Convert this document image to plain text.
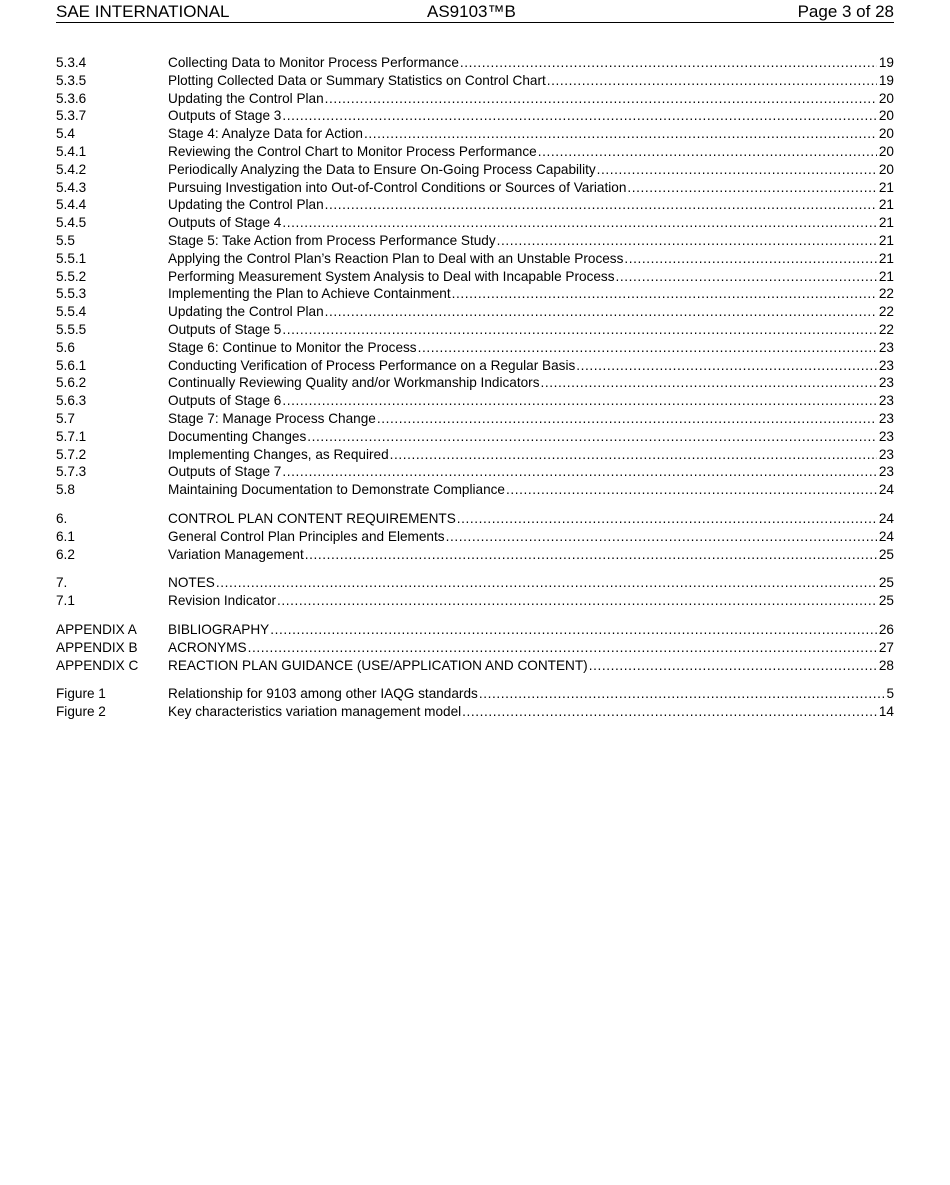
SAE INTERNATIONAL	AS9103™B	Page 3 of 28
5.3.4	Collecting Data to Monitor Process Performance .....	19
5.3.5	Plotting Collected Data or Summary Statistics on Control Chart .....	19
5.3.6	Updating the Control Plan .....	20
5.3.7	Outputs of Stage 3 .....	20
5.4	Stage 4: Analyze Data for Action .....	20
5.4.1	Reviewing the Control Chart to Monitor Process Performance .....	20
5.4.2	Periodically Analyzing the Data to Ensure On-Going Process Capability .....	20
5.4.3	Pursuing Investigation into Out-of-Control Conditions or Sources of Variation .....	21
5.4.4	Updating the Control Plan .....	21
5.4.5	Outputs of Stage 4 .....	21
5.5	Stage 5: Take Action from Process Performance Study .....	21
5.5.1	Applying the Control Plan’s Reaction Plan to Deal with an Unstable Process .....	21
5.5.2	Performing Measurement System Analysis to Deal with Incapable Process .....	21
5.5.3	Implementing the Plan to Achieve Containment .....	22
5.5.4	Updating the Control Plan .....	22
5.5.5	Outputs of Stage 5 .....	22
5.6	Stage 6: Continue to Monitor the Process .....	23
5.6.1	Conducting Verification of Process Performance on a Regular Basis .....	23
5.6.2	Continually Reviewing Quality and/or Workmanship Indicators .....	23
5.6.3	Outputs of Stage 6 .....	23
5.7	Stage 7: Manage Process Change .....	23
5.7.1	Documenting Changes .....	23
5.7.2	Implementing Changes, as Required .....	23
5.7.3	Outputs of Stage 7 .....	23
5.8	Maintaining Documentation to Demonstrate Compliance .....	24
6.	CONTROL PLAN CONTENT REQUIREMENTS .....	24
6.1	General Control Plan Principles and Elements .....	24
6.2	Variation Management .....	25
7.	NOTES .....	25
7.1	Revision Indicator .....	25
APPENDIX A BIBLIOGRAPHY .....	26
APPENDIX B ACRONYMS .....	27
APPENDIX C REACTION PLAN GUIDANCE (USE/APPLICATION AND CONTENT) .....	28
Figure 1	Relationship for 9103 among other IAQG standards .....	5
Figure 2	Key characteristics variation management model .....	14
